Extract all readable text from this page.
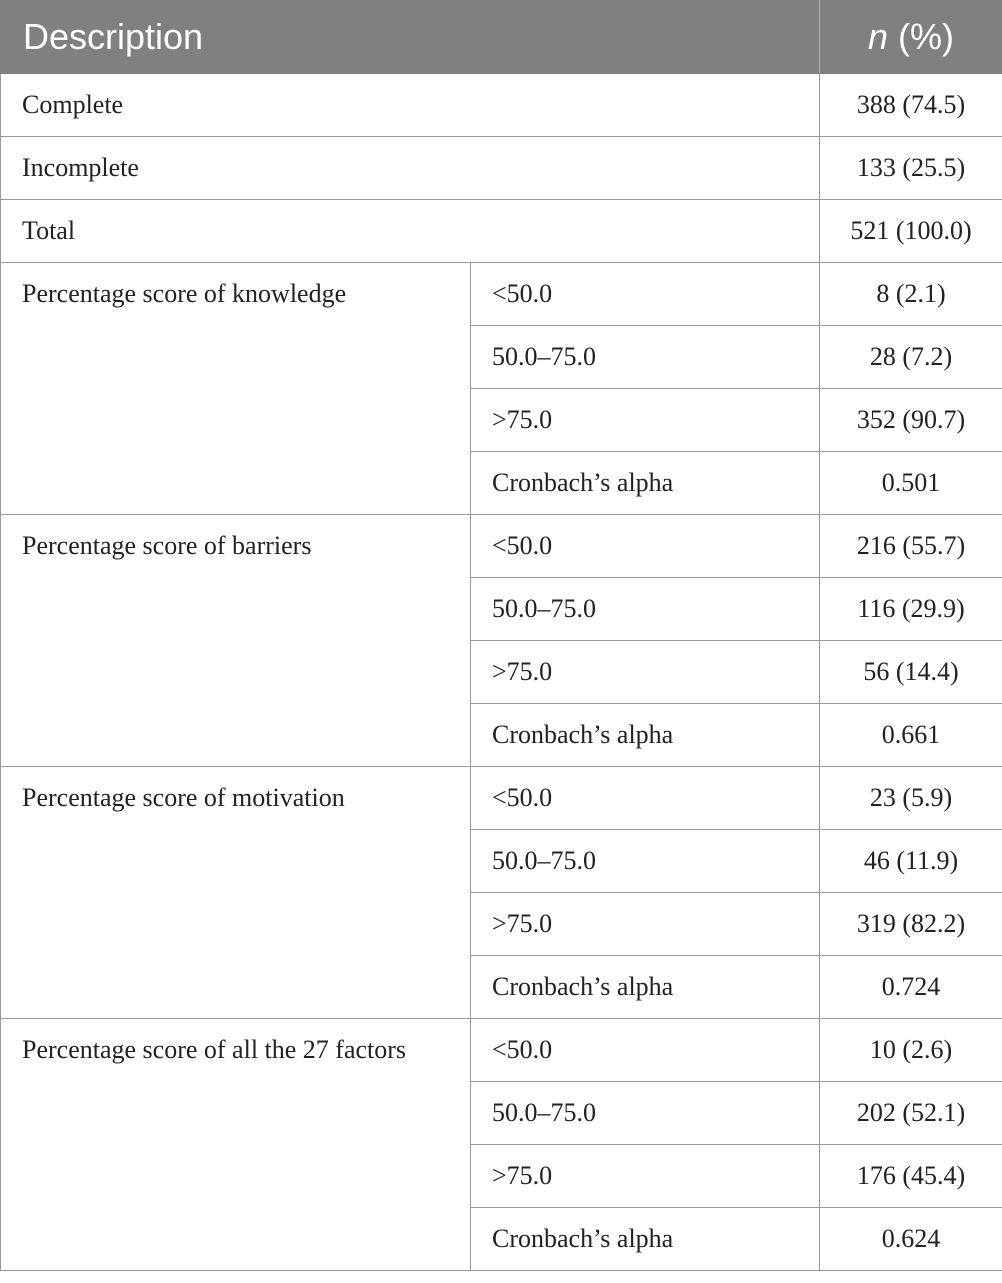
Description		n (%)
Complete		388 (74.5)
Incomplete		133 (25.5)
Total		521 (100.0)
Percentage score of knowledge	<50.0	8 (2.1)
	50.0–75.0	28 (7.2)
	>75.0	352 (90.7)
	Cronbach’s alpha	0.501
Percentage score of barriers	<50.0	216 (55.7)
	50.0–75.0	116 (29.9)
	>75.0	56 (14.4)
	Cronbach’s alpha	0.661
Percentage score of motivation	<50.0	23 (5.9)
	50.0–75.0	46 (11.9)
	>75.0	319 (82.2)
	Cronbach’s alpha	0.724
Percentage score of all the 27 factors	<50.0	10 (2.6)
	50.0–75.0	202 (52.1)
	>75.0	176 (45.4)
	Cronbach’s alpha	0.624
